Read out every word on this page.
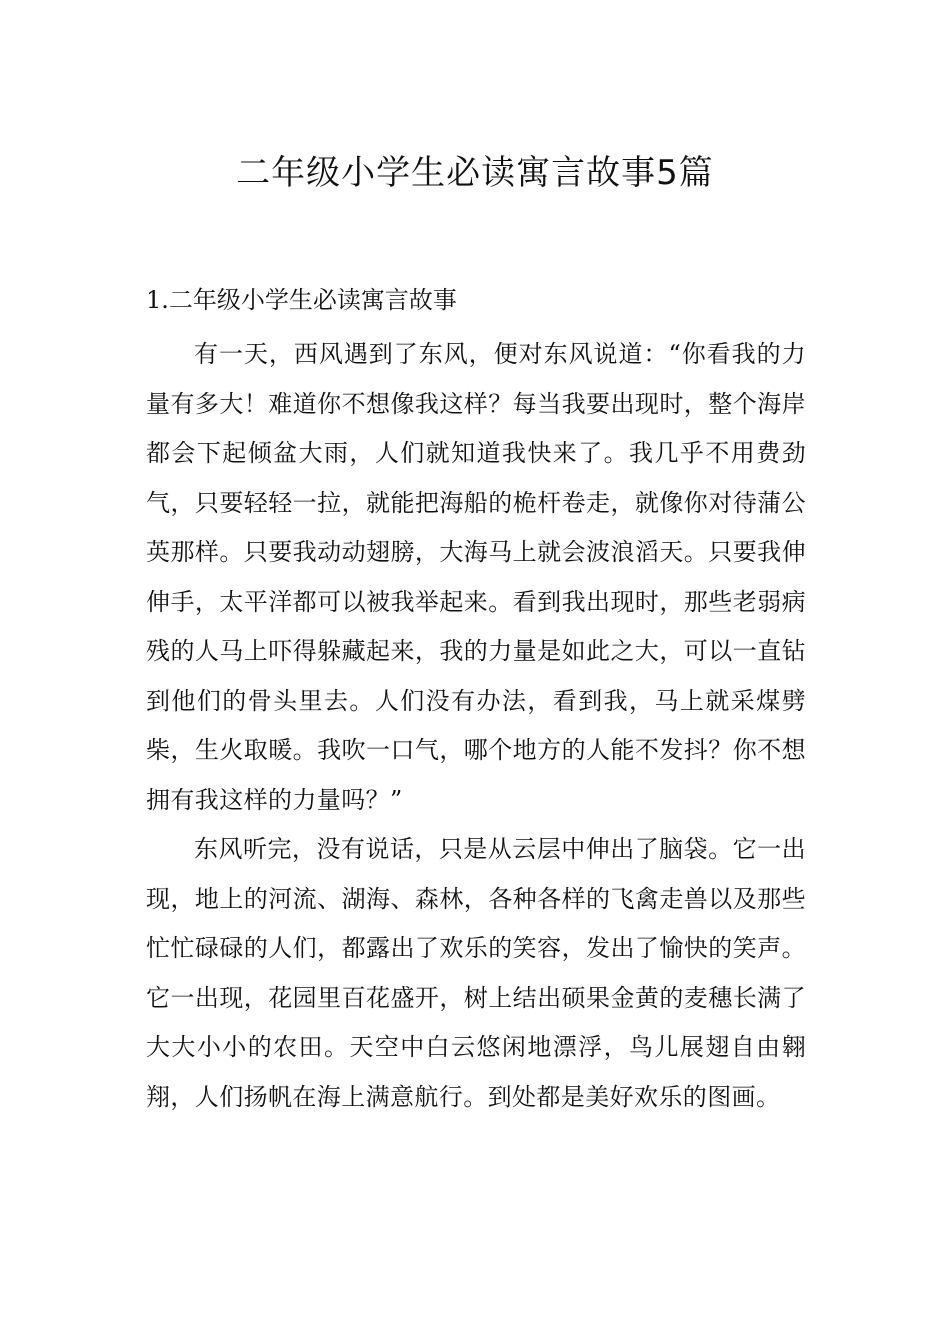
二年级小学生必读寓言故事5篇
1.二年级小学生必读寓言故事

有一天，西风遇到了东风，便对东风说道：“你看我的力量有多大！难道你不想像我这样？每当我要出现时，整个海岸都会下起倾盆大雨，人们就知道我快来了。我几乎不用费劲气，只要轻轻一拉，就能把海船的桅杆卷走，就像你对待蒲公英那样。只要我动动翅膀，大海马上就会波浪滔天。只要我伸伸手，太平洋都可以被我举起来。看到我出现时，那些老弱病残的人马上吓得躲藏起来，我的力量是如此之大，可以一直钻到他们的骨头里去。人们没有办法，看到我，马上就采煤劈柴，生火取暖。我吹一口气，哪个地方的人能不发抖？你不想拥有我这样的力量吗？”

东风听完，没有说话，只是从云层中伸出了脑袋。它一出现，地上的河流、湖海、森林，各种各样的飞禽走兽以及那些忙忙碌碌的人们，都露出了欢乐的笑容，发出了愉快的笑声。它一出现，花园里百花盛开，树上结出硕果金黄的麦穗长满了大大小小的农田。天空中白云悠闲地漂浮，鸟儿展翅自由翱翔，人们扬帆在海上满意航行。到处都是美好欢乐的图画。
